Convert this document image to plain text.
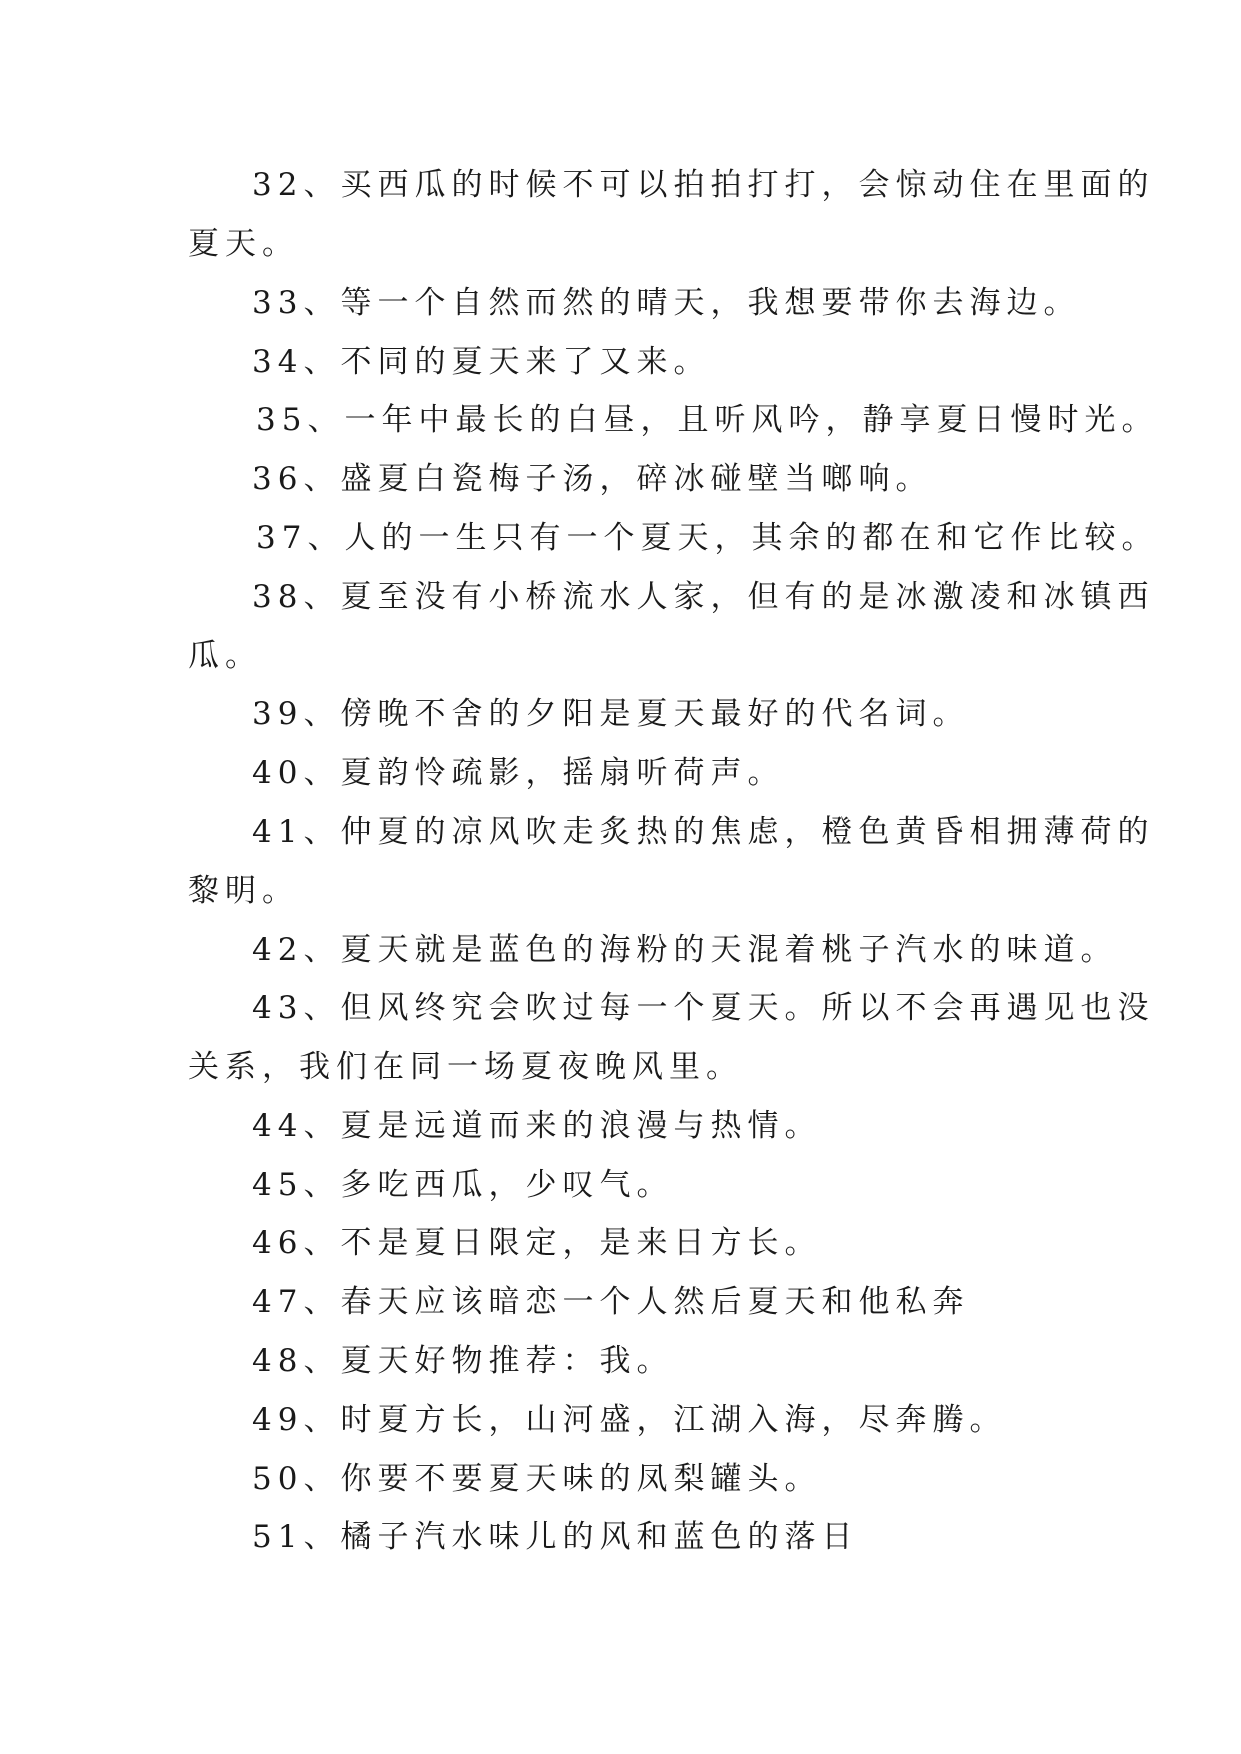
32、买西瓜的时候不可以拍拍打打，会惊动住在里面的

夏天。

33、等一个自然而然的晴天，我想要带你去海边。

34、不同的夏天来了又来。

35、一年中最长的白昼，且听风吟，静享夏日慢时光。

36、盛夏白瓷梅子汤，碎冰碰壁当啷响。

37、人的一生只有一个夏天，其余的都在和它作比较。

38、夏至没有小桥流水人家，但有的是冰激凌和冰镇西

瓜。

39、傍晚不舍的夕阳是夏天最好的代名词。

40、夏韵怜疏影，摇扇听荷声。

41、仲夏的凉风吹走炙热的焦虑，橙色黄昏相拥薄荷的

黎明。

42、夏天就是蓝色的海粉的天混着桃子汽水的味道。

43、但风终究会吹过每一个夏天。所以不会再遇见也没

关系，我们在同一场夏夜晚风里。

44、夏是远道而来的浪漫与热情。

45、多吃西瓜，少叹气。

46、不是夏日限定，是来日方长。

47、春天应该暗恋一个人然后夏天和他私奔

48、夏天好物推荐：我。

49、时夏方长，山河盛，江湖入海，尽奔腾。

50、你要不要夏天味的凤梨罐头。

51、橘子汽水味儿的风和蓝色的落日
